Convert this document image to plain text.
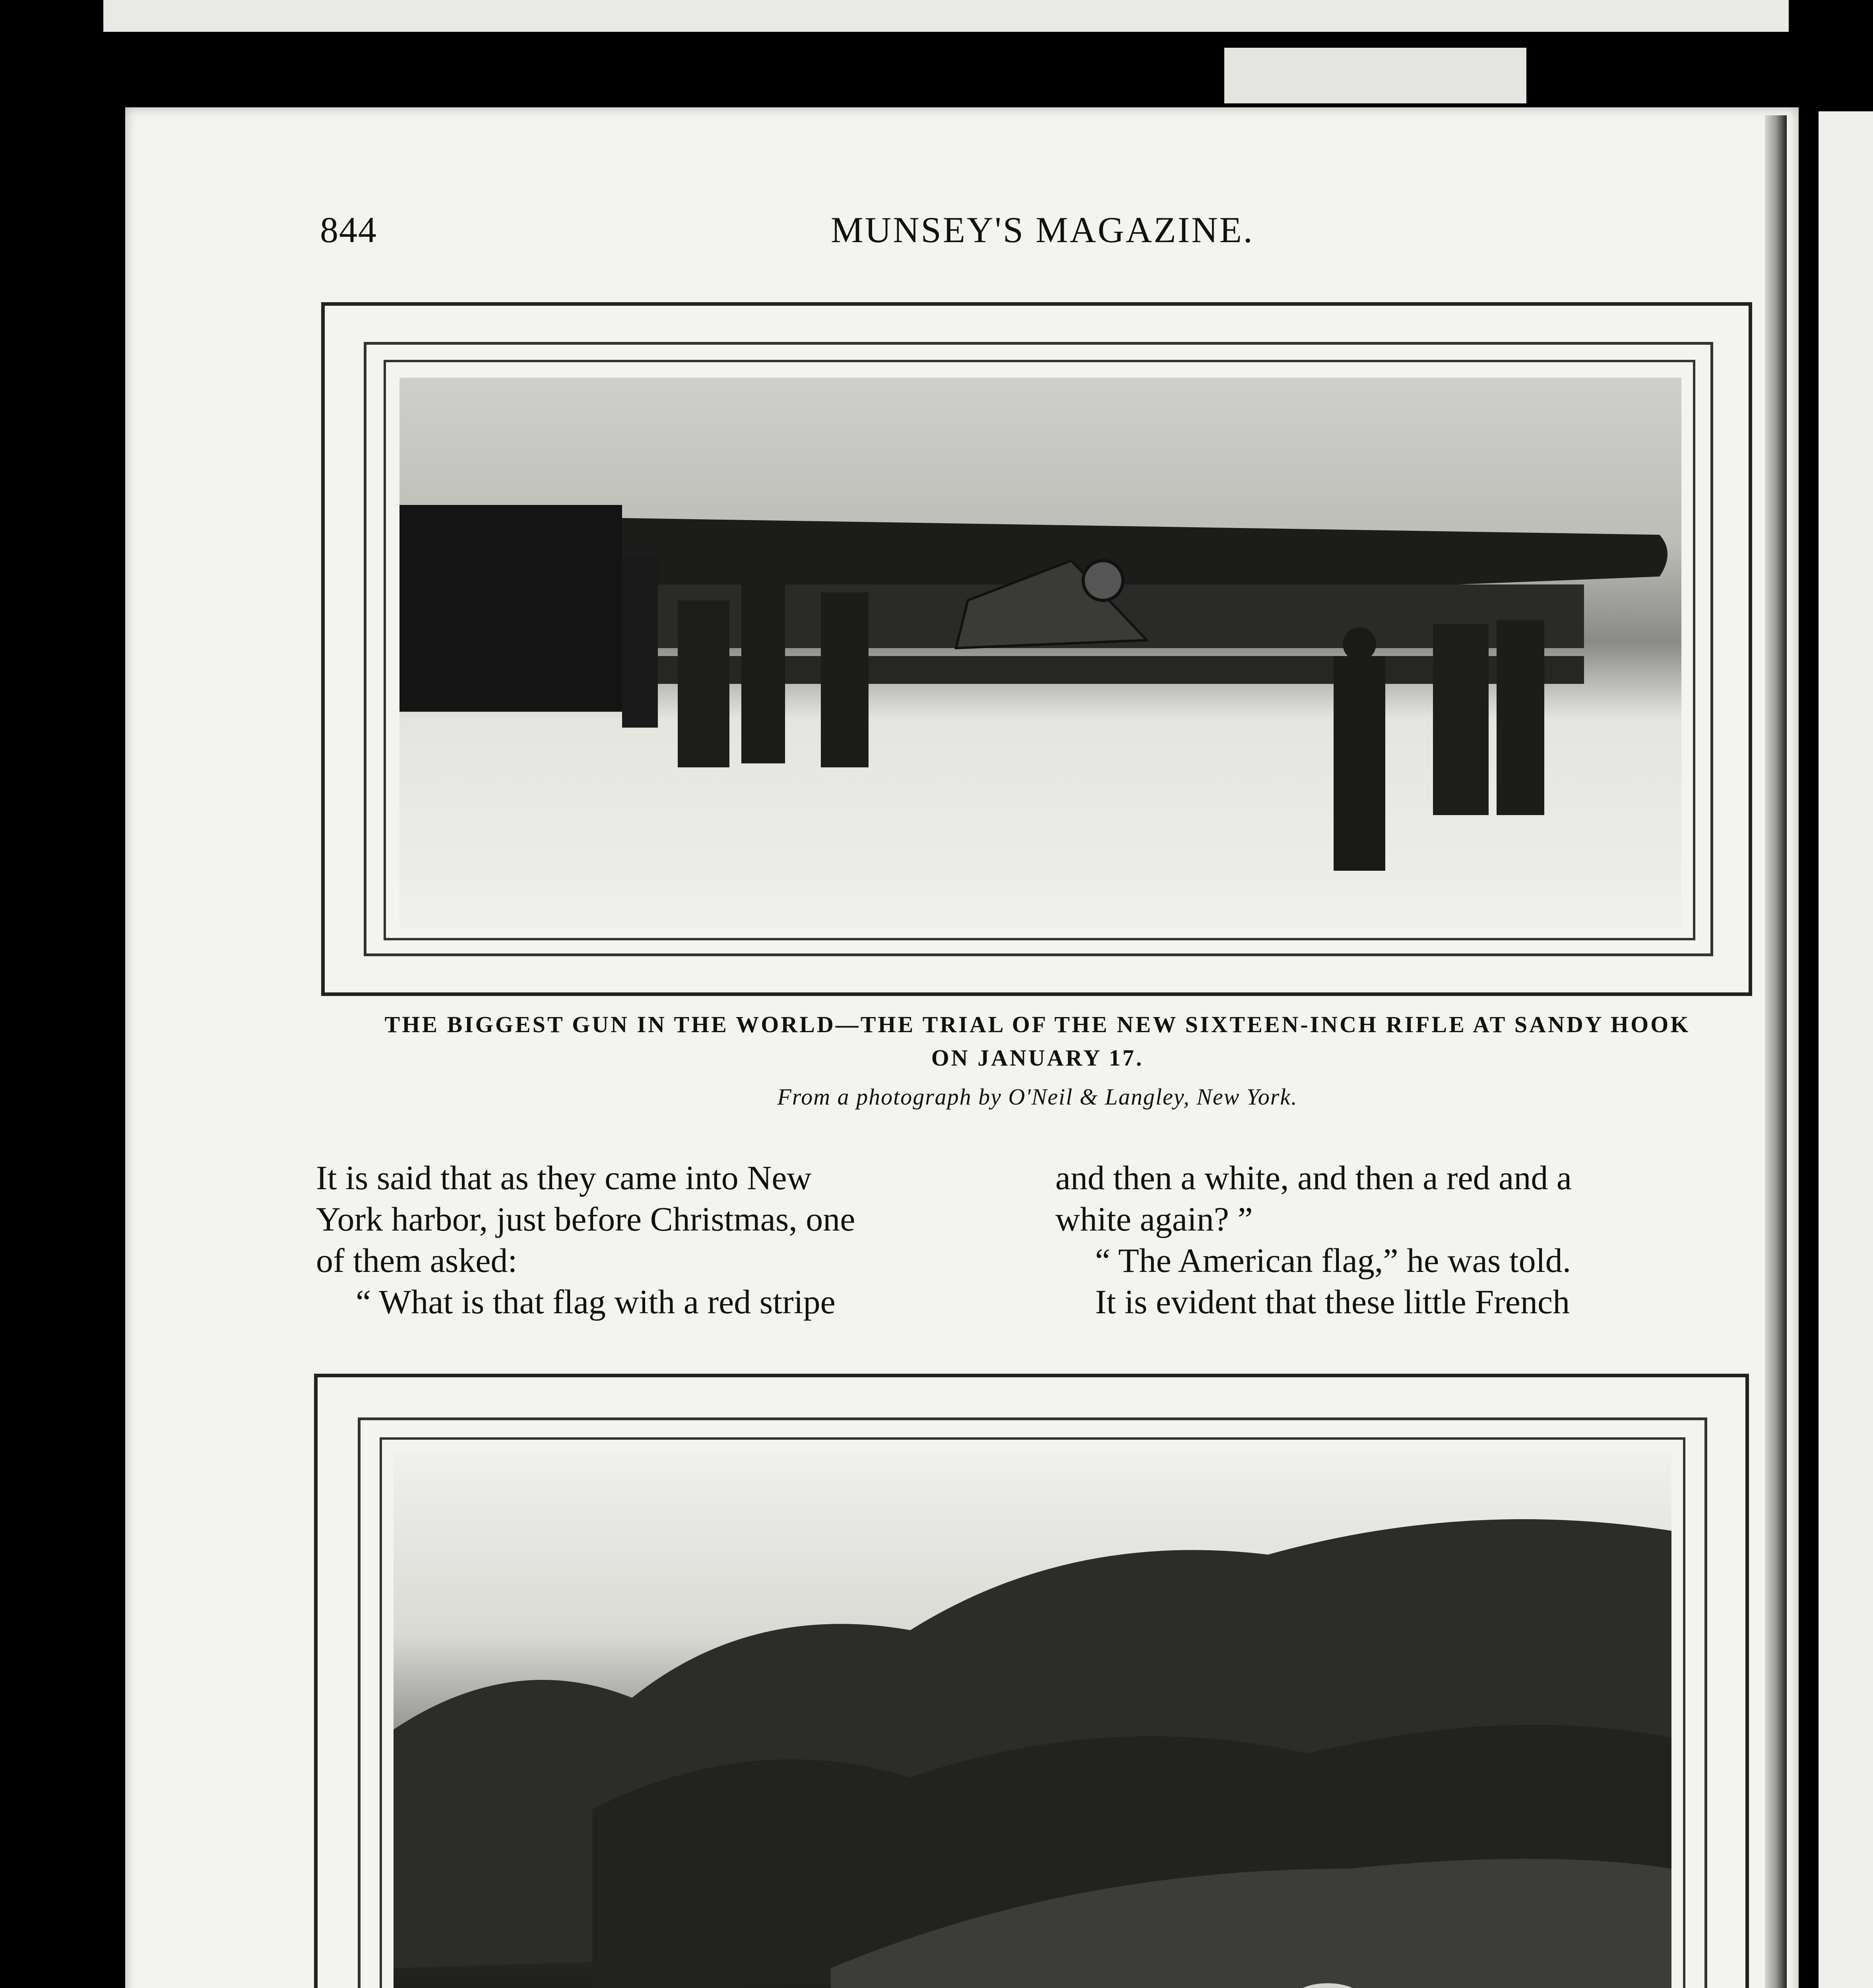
844	MUNSEY'S MAGAZINE.
THE BIGGEST GUN IN THE WORLD—THE TRIAL OF THE NEW SIXTEEN-INCH RIFLE AT SANDY HOOK
ON JANUARY 17.
From a photograph by O'Neil & Langley, New York.

It is said that as they came into New

York harbor, just before Christmas, one

of them asked:

“ What is that flag with a red stripe

and then a white, and then a red and a

white again? ”

“ The American flag,” he was told.

It is evident that these little French
